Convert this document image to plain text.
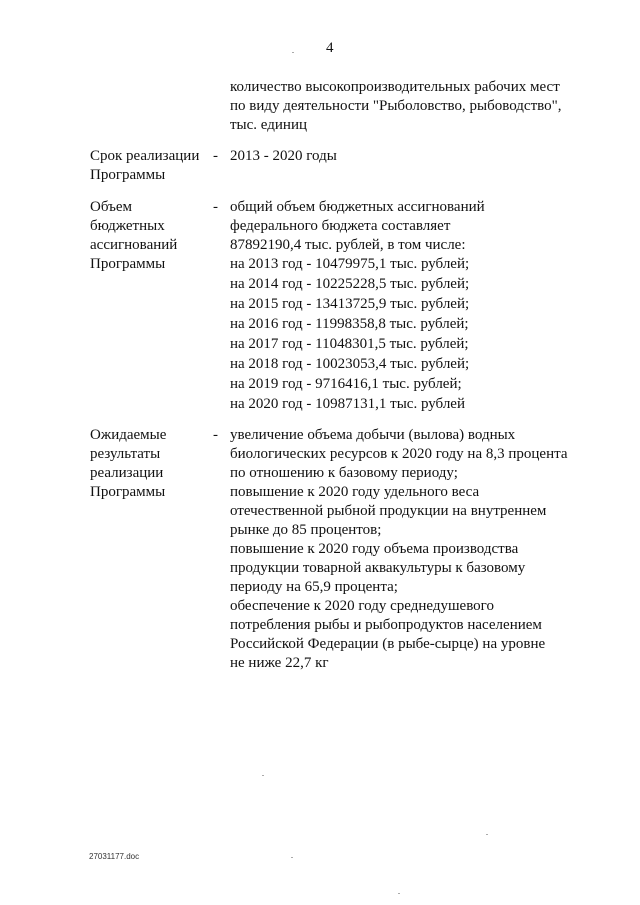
4
количество высокопроизводительных рабочих мест
по виду деятельности "Рыболовство, рыбоводство",
тыс. единиц
Срок реализации
Программы
- 2013 - 2020 годы
Объем
бюджетных
ассигнований
Программы
- общий объем бюджетных ассигнований
федерального бюджета составляет
87892190,4 тыс. рублей, в том числе:
на 2013 год - 10479975,1 тыс. рублей;
на 2014 год - 10225228,5 тыс. рублей;
на 2015 год - 13413725,9 тыс. рублей;
на 2016 год - 11998358,8 тыс. рублей;
на 2017 год - 11048301,5 тыс. рублей;
на 2018 год - 10023053,4 тыс. рублей;
на 2019 год - 9716416,1 тыс. рублей;
на 2020 год - 10987131,1 тыс. рублей
Ожидаемые
результаты
реализации
Программы
- увеличение объема добычи (вылова) водных
биологических ресурсов к 2020 году на 8,3 процента
по отношению к базовому периоду;
повышение к 2020 году удельного веса
отечественной рыбной продукции на внутреннем
рынке до 85 процентов;
повышение к 2020 году объема производства
продукции товарной аквакультуры к базовому
периоду на 65,9 процента;
обеспечение к 2020 году среднедушевого
потребления рыбы и рыбопродуктов населением
Российской Федерации (в рыбе-сырце) на уровне
не ниже 22,7 кг
27031177.doc
